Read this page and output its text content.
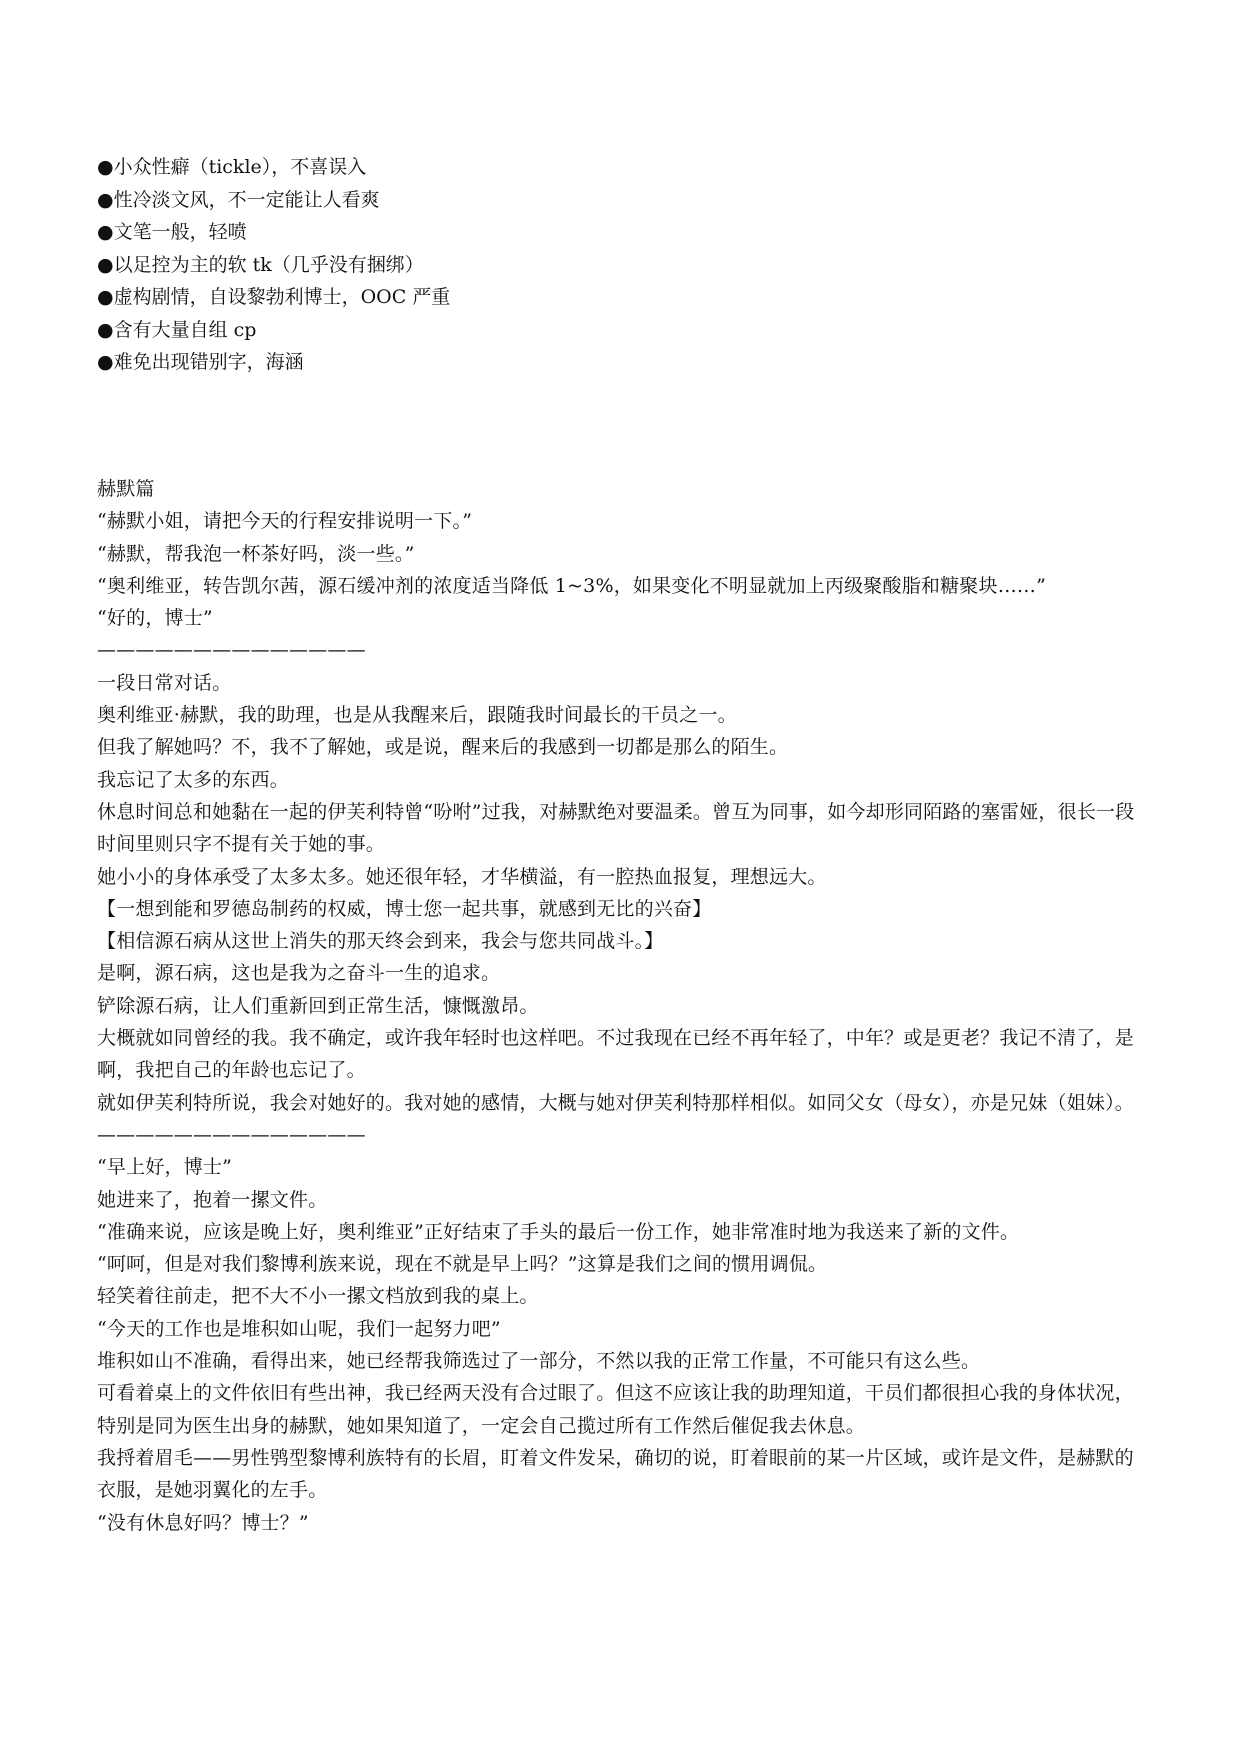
●小众性癖（tickle），不喜误入
●性冷淡文风，不一定能让人看爽
●文笔一般，轻喷
●以足控为主的软 tk（几乎没有捆绑）
●虚构剧情，自设黎勃利博士，OOC 严重
●含有大量自组 cp
●难免出现错别字，海涵

赫默篇

“赫默小姐，请把今天的行程安排说明一下。”

“赫默，帮我泡一杯茶好吗，淡一些。”

“奥利维亚，转告凯尔茜，源石缓冲剂的浓度适当降低 1~3%，如果变化不明显就加上丙级聚酸脂和糖聚块……”

“好的，博士”

——————————————

一段日常对话。

奥利维亚·赫默，我的助理，也是从我醒来后，跟随我时间最长的干员之一。

但我了解她吗？不，我不了解她，或是说，醒来后的我感到一切都是那么的陌生。

我忘记了太多的东西。

休息时间总和她黏在一起的伊芙利特曾“吩咐”过我，对赫默绝对要温柔。曾互为同事，如今却形同陌路的塞雷娅，很长一段时间里则只字不提有关于她的事。

她小小的身体承受了太多太多。她还很年轻，才华横溢，有一腔热血报复，理想远大。

【一想到能和罗德岛制药的权威，博士您一起共事，就感到无比的兴奋】

【相信源石病从这世上消失的那天终会到来，我会与您共同战斗。】

是啊，源石病，这也是我为之奋斗一生的追求。

铲除源石病，让人们重新回到正常生活，慷慨激昂。

大概就如同曾经的我。我不确定，或许我年轻时也这样吧。不过我现在已经不再年轻了，中年？或是更老？我记不清了，是啊，我把自己的年龄也忘记了。

就如伊芙利特所说，我会对她好的。我对她的感情，大概与她对伊芙利特那样相似。如同父女（母女），亦是兄妹（姐妹）。

——————————————

“早上好，博士”

她进来了，抱着一摞文件。

“准确来说，应该是晚上好，奥利维亚”正好结束了手头的最后一份工作，她非常准时地为我送来了新的文件。

“呵呵，但是对我们黎博利族来说，现在不就是早上吗？”这算是我们之间的惯用调侃。

轻笑着往前走，把不大不小一摞文档放到我的桌上。

“今天的工作也是堆积如山呢，我们一起努力吧”

堆积如山不准确，看得出来，她已经帮我筛选过了一部分，不然以我的正常工作量，不可能只有这么些。

可看着桌上的文件依旧有些出神，我已经两天没有合过眼了。但这不应该让我的助理知道，干员们都很担心我的身体状况，特别是同为医生出身的赫默，她如果知道了，一定会自己揽过所有工作然后催促我去休息。

我捋着眉毛——男性鸮型黎博利族特有的长眉，盯着文件发呆，确切的说，盯着眼前的某一片区域，或许是文件，是赫默的衣服，是她羽翼化的左手。

“没有休息好吗？博士？”
